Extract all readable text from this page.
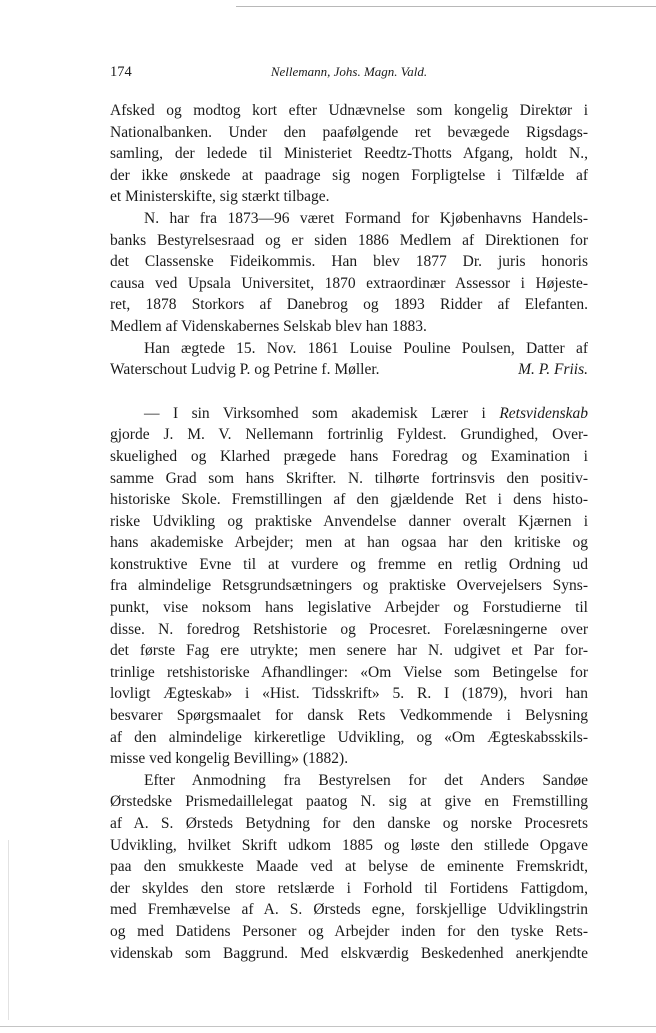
174	Nellemann, Johs. Magn. Vald.
Afsked og modtog kort efter Udnævnelse som kongelig Direktør i
Nationalbanken. Under den paafølgende ret bevægede Rigsdags-
samling, der ledede til Ministeriet Reedtz-Thotts Afgang, holdt N.,
der ikke ønskede at paadrage sig nogen Forpligtelse i Tilfælde af
et Ministerskifte, sig stærkt tilbage.
N. har fra 1873—96 været Formand for Kjøbenhavns Handels-
banks Bestyrelsesraad og er siden 1886 Medlem af Direktionen for
det Classenske Fideikommis. Han blev 1877 Dr. juris honoris
causa ved Upsala Universitet, 1870 extraordinær Assessor i Højeste-
ret, 1878 Storkors af Danebrog og 1893 Ridder af Elefanten.
Medlem af Videnskabernes Selskab blev han 1883.
Han ægtede 15. Nov. 1861 Louise Pouline Poulsen, Datter af
Waterschout Ludvig P. og Petrine f. Møller.	M. P. Friis.
— I sin Virksomhed som akademisk Lærer i Retsvidenskab
gjorde J. M. V. Nellemann fortrinlig Fyldest. Grundighed, Over-
skuelighed og Klarhed prægede hans Foredrag og Examination i
samme Grad som hans Skrifter. N. tilhørte fortrinsvis den positiv-
historiske Skole. Fremstillingen af den gjældende Ret i dens histo-
riske Udvikling og praktiske Anvendelse danner overalt Kjærnen i
hans akademiske Arbejder; men at han ogsaa har den kritiske og
konstruktive Evne til at vurdere og fremme en retlig Ordning ud
fra almindelige Retsgrundsætningers og praktiske Overvejelsers Syns-
punkt, vise noksom hans legislative Arbejder og Forstudierne til
disse. N. foredrog Retshistorie og Procesret. Forelæsningerne over
det første Fag ere utrykte; men senere har N. udgivet et Par for-
trinlige retshistoriske Afhandlinger: «Om Vielse som Betingelse for
lovligt Ægteskab» i «Hist. Tidsskrift» 5. R. I (1879), hvori han
besvarer Spørgsmaalet for dansk Rets Vedkommende i Belysning
af den almindelige kirkeretlige Udvikling, og «Om Ægteskabsskils-
misse ved kongelig Bevilling» (1882).
Efter Anmodning fra Bestyrelsen for det Anders Sandøe
Ørstedske Prismedaillelegat paatog N. sig at give en Fremstilling
af A. S. Ørsteds Betydning for den danske og norske Procesrets
Udvikling, hvilket Skrift udkom 1885 og løste den stillede Opgave
paa den smukkeste Maade ved at belyse de eminente Fremskridt,
der skyldes den store retslærde i Forhold til Fortidens Fattigdom,
med Fremhævelse af A. S. Ørsteds egne, forskjellige Udviklingstrin
og med Datidens Personer og Arbejder inden for den tyske Rets-
videnskab som Baggrund. Med elskværdig Beskedenhed anerkjendte
